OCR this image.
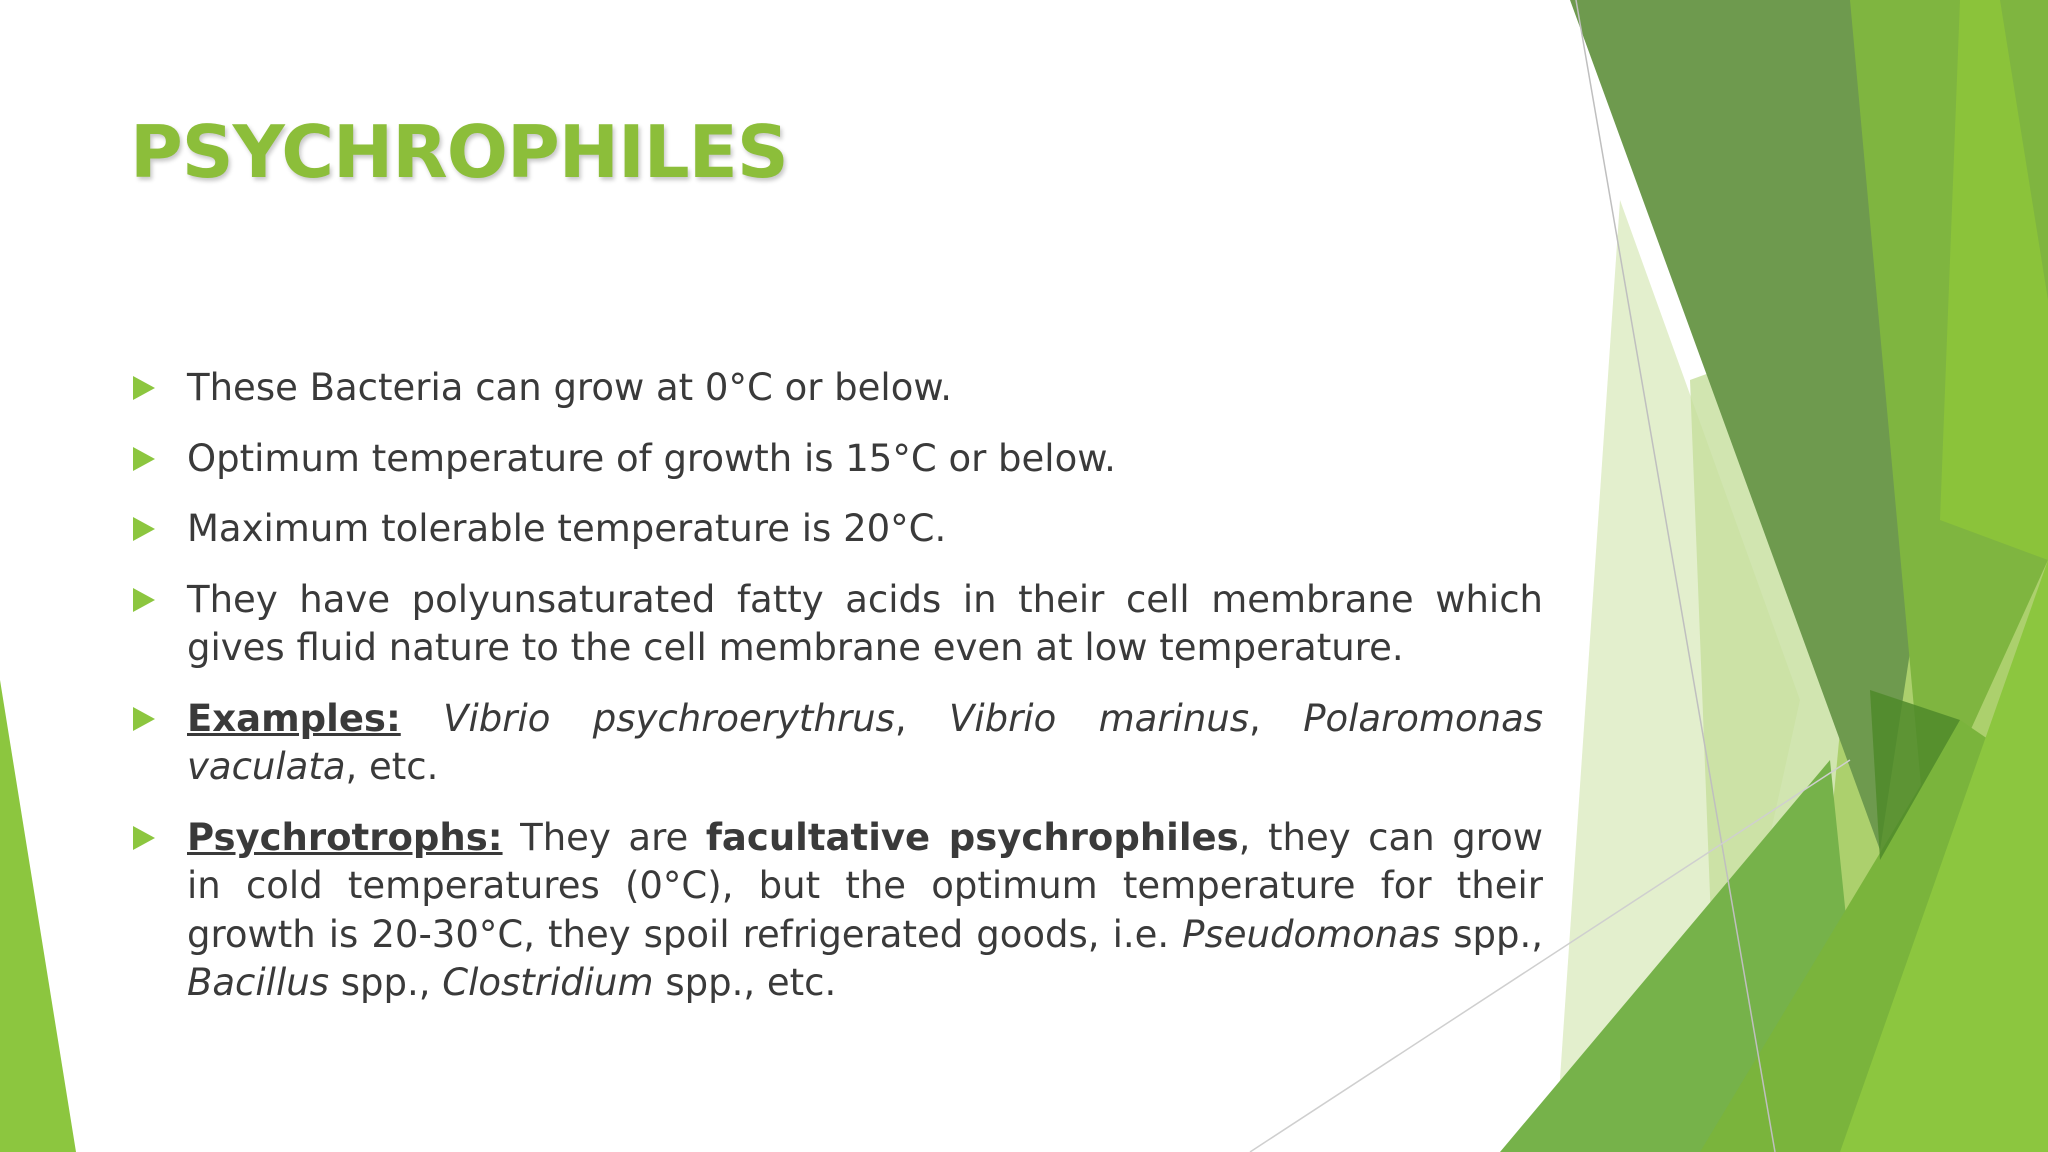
PSYCHROPHILES
These Bacteria can grow at 0°C or below.
Optimum temperature of growth is 15°C or below.
Maximum tolerable temperature is 20°C.
They have polyunsaturated fatty acids in their cell membrane which gives fluid nature to the cell membrane even at low temperature.
Examples: Vibrio psychroerythrus, Vibrio marinus, Polaromonas vaculata, etc.
Psychrotrophs: They are facultative psychrophiles, they can grow in cold temperatures (0°C), but the optimum temperature for their growth is 20-30°C, they spoil refrigerated goods, i.e. Pseudomonas spp., Bacillus spp., Clostridium spp., etc.
